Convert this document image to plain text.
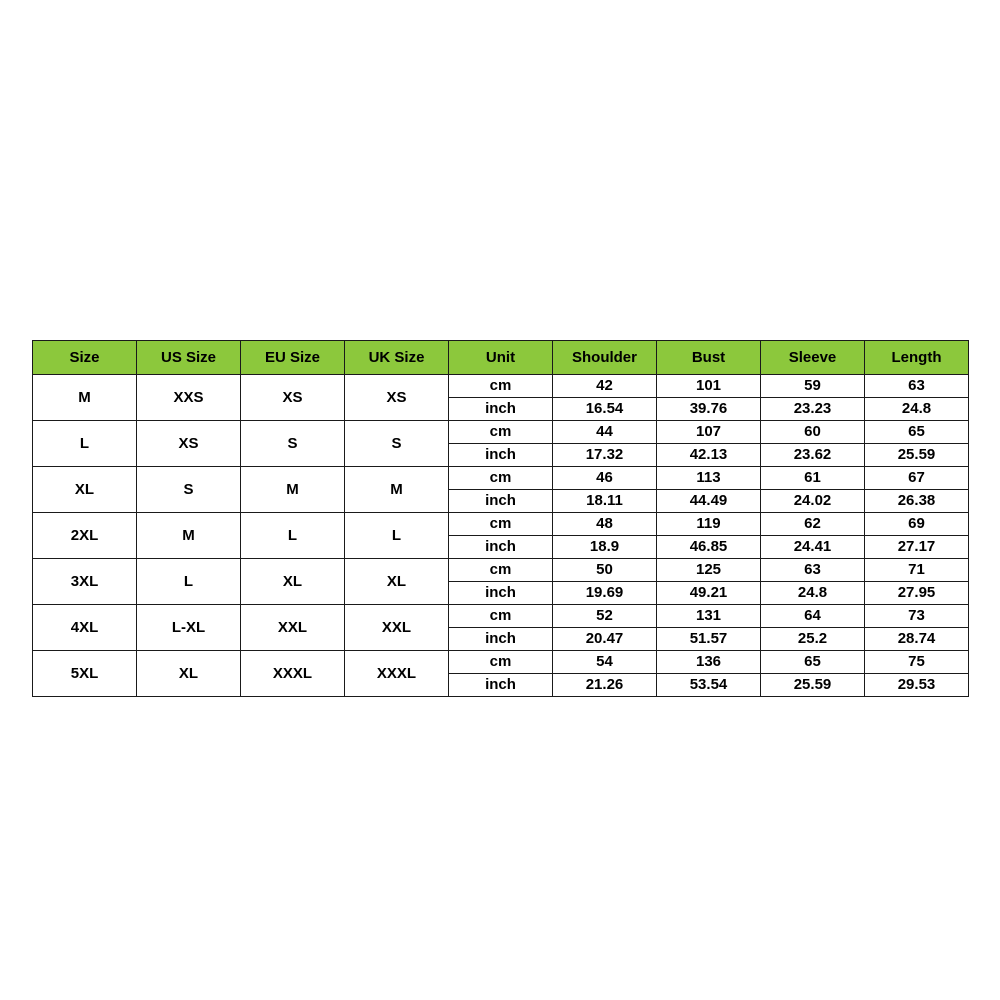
Size	US Size	EU Size	UK Size	Unit	Shoulder	Bust	Sleeve	Length
M	XXS	XS	XS	cm	42	101	59	63
				inch	16.54	39.76	23.23	24.8
L	XS	S	S	cm	44	107	60	65
				inch	17.32	42.13	23.62	25.59
XL	S	M	M	cm	46	113	61	67
				inch	18.11	44.49	24.02	26.38
2XL	M	L	L	cm	48	119	62	69
				inch	18.9	46.85	24.41	27.17
3XL	L	XL	XL	cm	50	125	63	71
				inch	19.69	49.21	24.8	27.95
4XL	L-XL	XXL	XXL	cm	52	131	64	73
				inch	20.47	51.57	25.2	28.74
5XL	XL	XXXL	XXXL	cm	54	136	65	75
				inch	21.26	53.54	25.59	29.53
